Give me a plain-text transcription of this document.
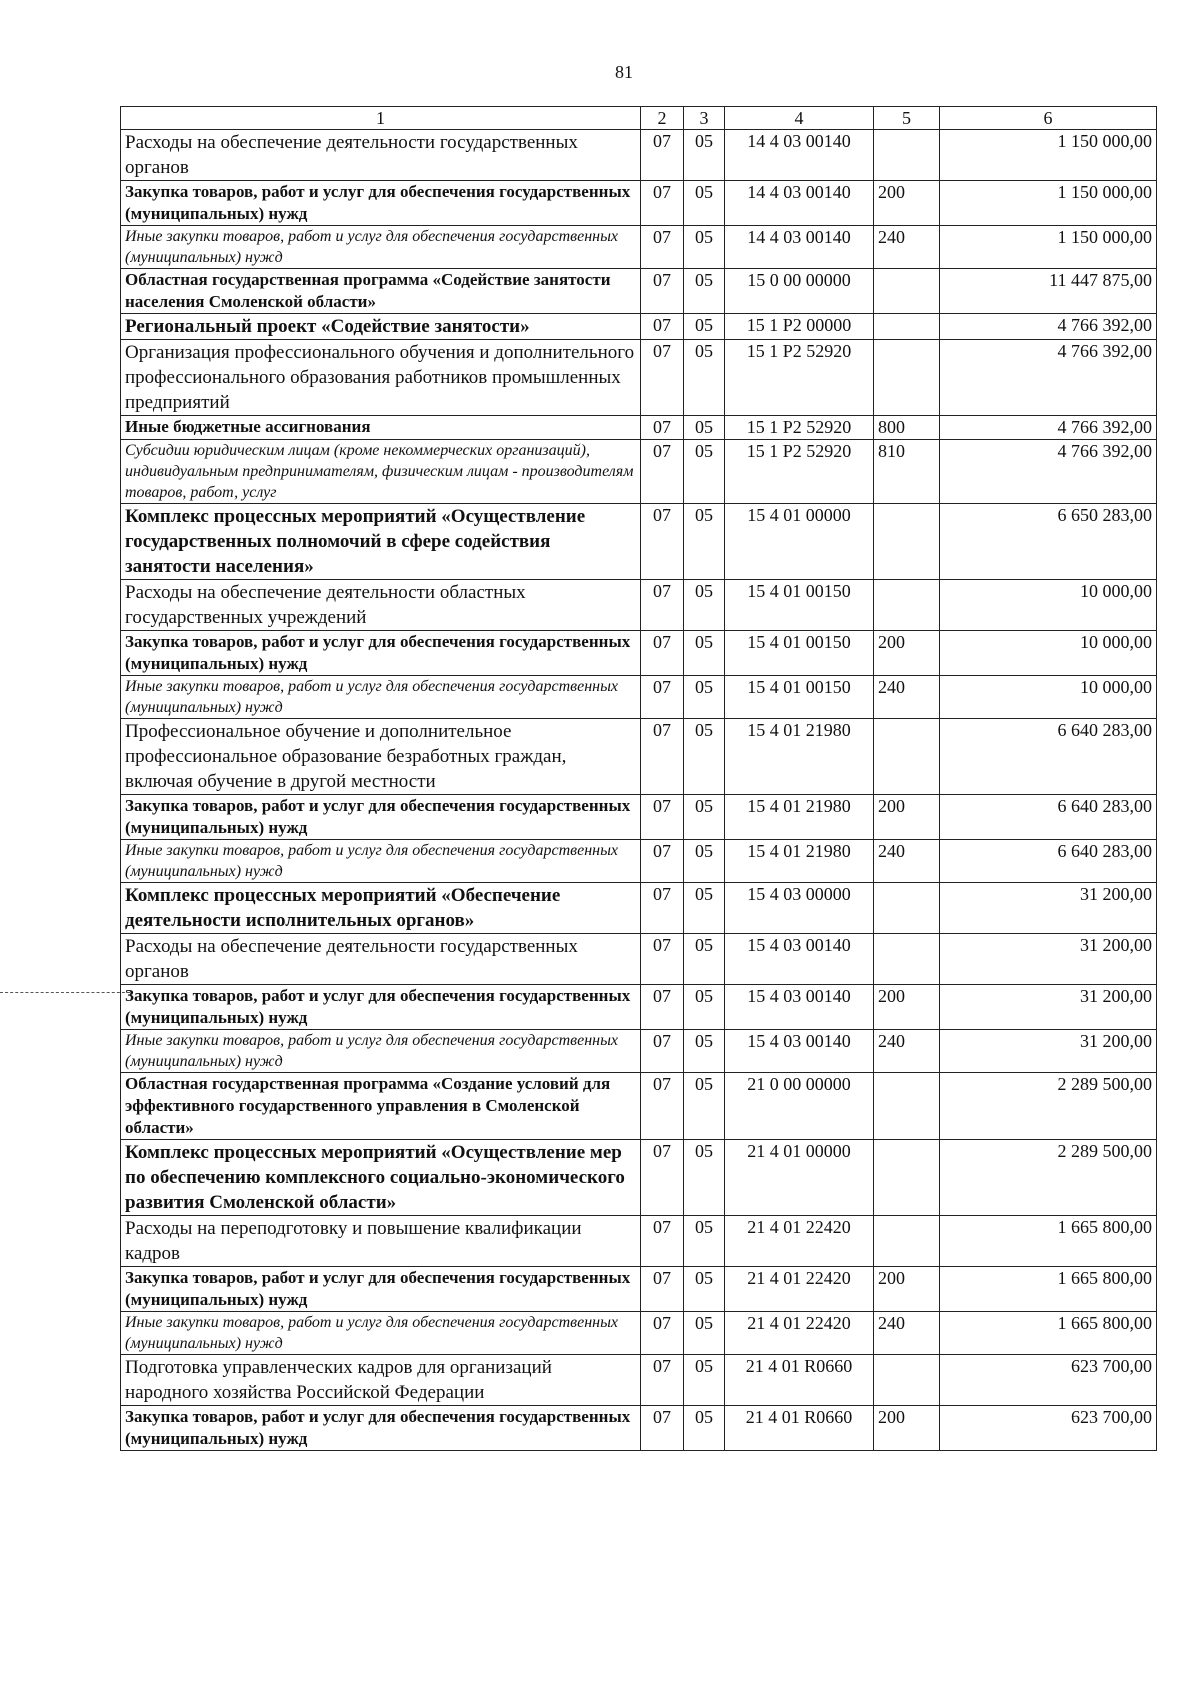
81
1	2	3	4	5	6
Расходы на обеспечение деятельности государственных органов	07	05	14 4 03 00140		1 150 000,00
Закупка товаров, работ и услуг для обеспечения государственных (муниципальных) нужд	07	05	14 4 03 00140	200	1 150 000,00
Иные закупки товаров, работ и услуг для обеспечения государственных (муниципальных) нужд	07	05	14 4 03 00140	240	1 150 000,00
Областная государственная программа «Содействие занятости населения Смоленской области»	07	05	15 0 00 00000		11 447 875,00
Региональный проект «Содействие занятости»	07	05	15 1 P2 00000		4 766 392,00
Организация профессионального обучения и дополнительного профессионального образования работников промышленных предприятий	07	05	15 1 P2 52920		4 766 392,00
Иные бюджетные ассигнования	07	05	15 1 P2 52920	800	4 766 392,00
Субсидии юридическим лицам (кроме некоммерческих организаций), индивидуальным предпринимателям, физическим лицам - производителям товаров, работ, услуг	07	05	15 1 P2 52920	810	4 766 392,00
Комплекс процессных мероприятий «Осуществление государственных полномочий в сфере содействия занятости населения»	07	05	15 4 01 00000		6 650 283,00
Расходы на обеспечение деятельности областных государственных учреждений	07	05	15 4 01 00150		10 000,00
Закупка товаров, работ и услуг для обеспечения государственных (муниципальных) нужд	07	05	15 4 01 00150	200	10 000,00
Иные закупки товаров, работ и услуг для обеспечения государственных (муниципальных) нужд	07	05	15 4 01 00150	240	10 000,00
Профессиональное обучение и дополнительное профессиональное образование безработных граждан, включая обучение в другой местности	07	05	15 4 01 21980		6 640 283,00
Закупка товаров, работ и услуг для обеспечения государственных (муниципальных) нужд	07	05	15 4 01 21980	200	6 640 283,00
Иные закупки товаров, работ и услуг для обеспечения государственных (муниципальных) нужд	07	05	15 4 01 21980	240	6 640 283,00
Комплекс процессных мероприятий «Обеспечение деятельности исполнительных органов»	07	05	15 4 03 00000		31 200,00
Расходы на обеспечение деятельности государственных органов	07	05	15 4 03 00140		31 200,00
Закупка товаров, работ и услуг для обеспечения государственных (муниципальных) нужд	07	05	15 4 03 00140	200	31 200,00
Иные закупки товаров, работ и услуг для обеспечения государственных (муниципальных) нужд	07	05	15 4 03 00140	240	31 200,00
Областная государственная программа «Создание условий для эффективного государственного управления в Смоленской области»	07	05	21 0 00 00000		2 289 500,00
Комплекс процессных мероприятий «Осуществление мер по обеспечению комплексного социально-экономического развития Смоленской области»	07	05	21 4 01 00000		2 289 500,00
Расходы на переподготовку и повышение квалификации кадров	07	05	21 4 01 22420		1 665 800,00
Закупка товаров, работ и услуг для обеспечения государственных (муниципальных) нужд	07	05	21 4 01 22420	200	1 665 800,00
Иные закупки товаров, работ и услуг для обеспечения государственных (муниципальных) нужд	07	05	21 4 01 22420	240	1 665 800,00
Подготовка управленческих кадров для организаций народного хозяйства Российской Федерации	07	05	21 4 01 R0660		623 700,00
Закупка товаров, работ и услуг для обеспечения государственных (муниципальных) нужд	07	05	21 4 01 R0660	200	623 700,00
